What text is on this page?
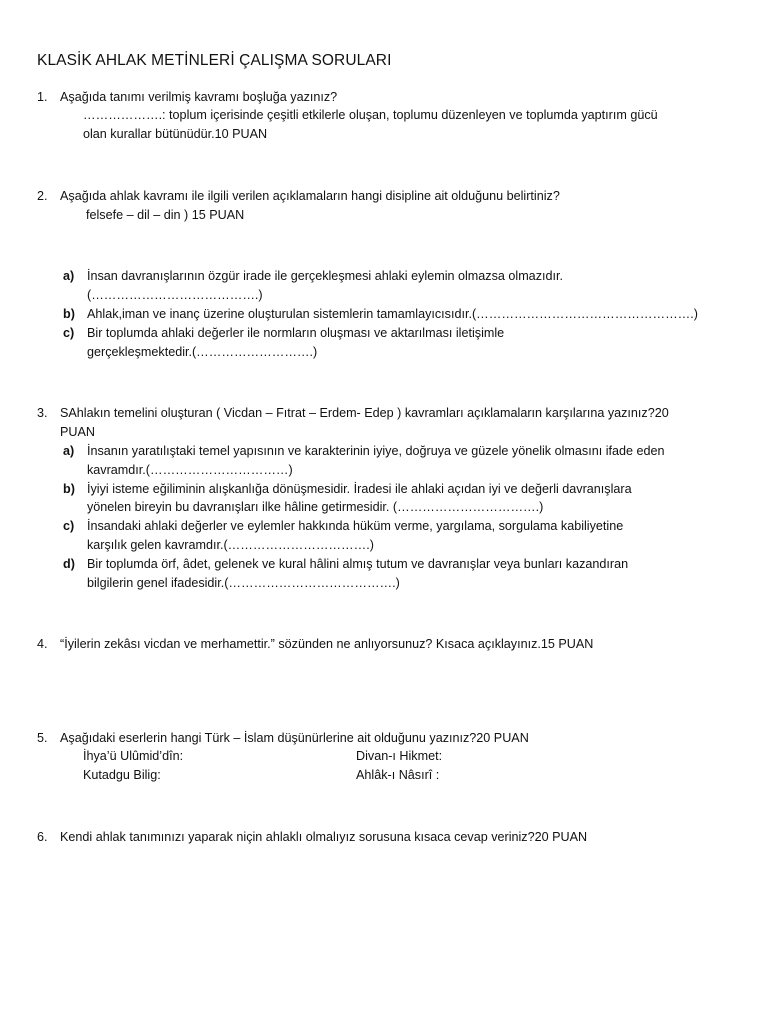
KLASİK AHLAK METİNLERİ ÇALIŞMA SORULARI
1. Aşağıda tanımı verilmiş kavramı boşluğa yazınız?
……………….: toplum içerisinde çeşitli etkilerle oluşan, toplumu düzenleyen ve toplumda yaptırım gücü
olan kurallar bütünüdür.10 PUAN
2. Aşağıda ahlak kavramı ile ilgili verilen açıklamaların hangi disipline ait olduğunu belirtiniz?
felsefe – dil – din ) 15 PUAN
a) İnsan davranışlarının özgür irade ile gerçekleşmesi ahlaki eylemin olmazsa olmazıdır.
(………………………………….)
b) Ahlak,iman ve inanç üzerine oluşturulan sistemlerin tamamlayıcısıdır.(…………………………………………….)
c) Bir toplumda ahlaki değerler ile normların oluşması ve aktarılması iletişimle
gerçekleşmektedir.(……………………….)
3. SAhlakın temelini oluşturan ( Vicdan – Fıtrat – Erdem- Edep ) kavramları açıklamaların karşılarına yazınız?20
PUAN
a) İnsanın yaratılıştaki temel yapısının ve karakterinin iyiye, doğruya ve güzele yönelik olmasını ifade eden
kavramdır.(……………………………)
b) İyiyi isteme eğiliminin alışkanlığa dönüşmesidir. İradesi ile ahlaki açıdan iyi ve değerli davranışlara
yönelen bireyin bu davranışları ilke hâline getirmesidir. (…………………………….)
c) İnsandaki ahlaki değerler ve eylemler hakkında hüküm verme, yargılama, sorgulama kabiliyetine
karşılık gelen kavramdır.(…………………………….)
d) Bir toplumda örf, âdet, gelenek ve kural hâlini almış tutum ve davranışlar veya bunları kazandıran
bilgilerin genel ifadesidir.(………………………………….)
4. “İyilerin zekâsı vicdan ve merhamettir.” sözünden ne anlıyorsunuz? Kısaca açıklayınız.15 PUAN
5. Aşağıdaki eserlerin hangi Türk – İslam düşünürlerine ait olduğunu yazınız?20 PUAN
İhya’ü Ulûmid’dîn:	Divan-ı Hikmet:
Kutadgu Bilig:	Ahlâk-ı Nâsırî :
6. Kendi ahlak tanımınızı yaparak niçin ahlaklı olmalıyız sorusuna kısaca cevap veriniz?20 PUAN
